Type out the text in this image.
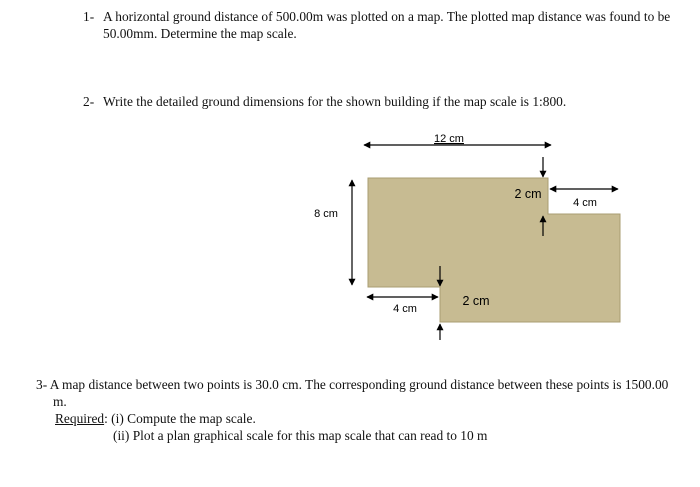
1- A horizontal ground distance of 500.00m was plotted on a map. The plotted map distance was found to be 50.00mm. Determine the map scale.
2- Write the detailed ground dimensions for the shown building if the map scale is 1:800.
12 cm
8 cm
2 cm
4 cm
2 cm
4 cm
3- A map distance between two points is 30.0 cm. The corresponding ground distance between these points is 1500.00 m.
Required: (i) Compute the map scale.
(ii) Plot a plan graphical scale for this map scale that can read to 10 m
